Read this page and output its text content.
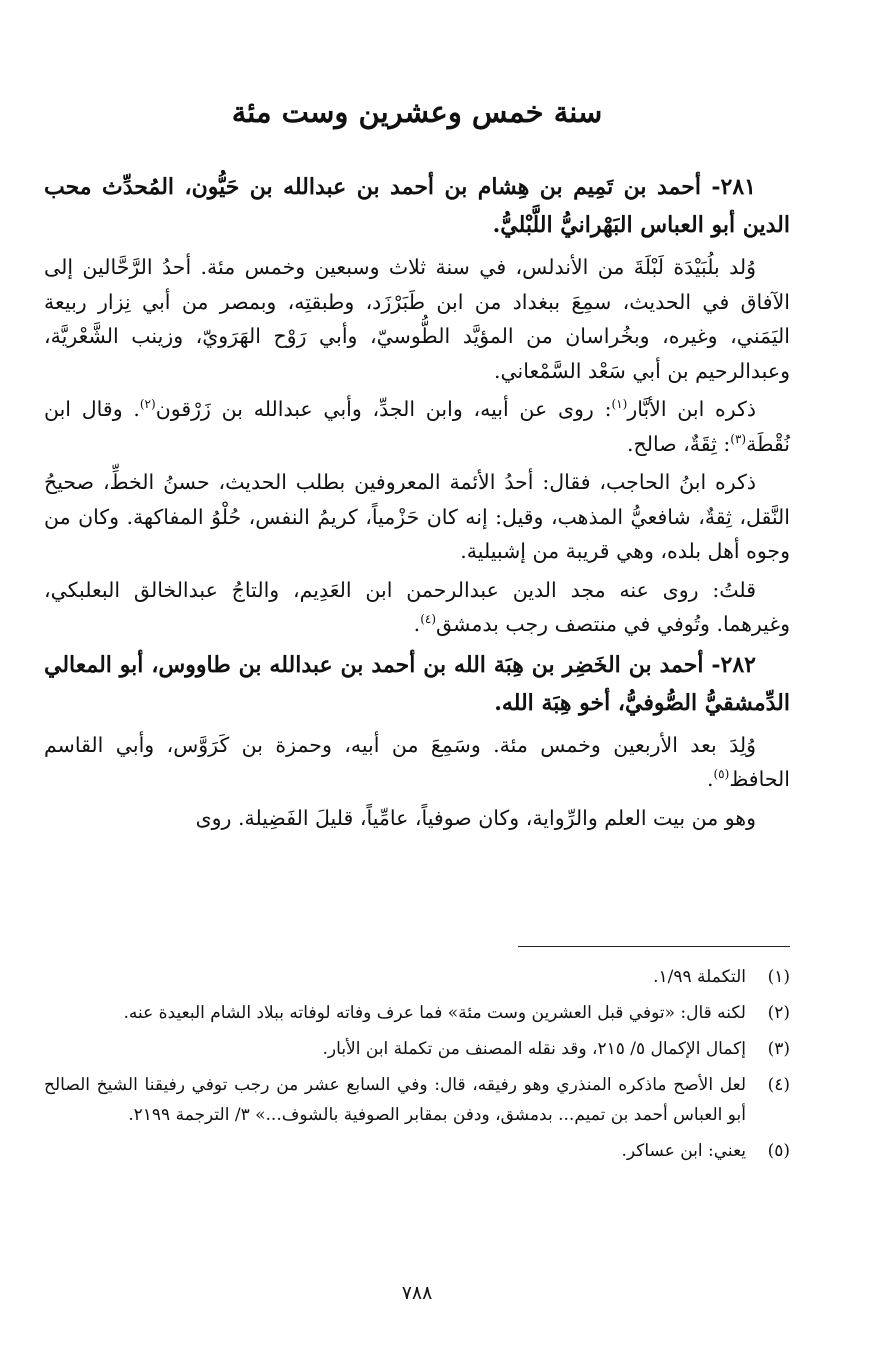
سنة خمس وعشرين وست مئة

٢٨١- أحمد بن تَمِيم بن هِشام بن أحمد بن عبدالله بن حَيُّون، المُحدِّث محب الدين أبو العباس البَهْرانيُّ اللَّبْليُّ.

وُلد بلُبَيْدَة لَبْلَةَ من الأندلس، في سنة ثلاث وسبعين وخمس مئة. أحدُ الرَّحَّالين إلى الآفاق في الحديث، سمِعَ ببغداد من ابن طَبَرْزَد، وطبقتِه، وبمصر من أبي نِزار ربيعة اليَمَني، وغيره، وبخُراسان من المؤيَّد الطُّوسيّ، وأبي رَوْح الهَرَويّ، وزينب الشَّعْريَّة، وعبدالرحيم بن أبي سَعْد السَّمْعاني.

ذكره ابن الأبَّار$^{(١)}$: روى عن أبيه، وابن الجدِّ، وأبي عبدالله بن زَرْقون$^{(٢)}$. وقال ابن نُقْطَة$^{(٣)}$: ثِقَةٌ، صالح.

ذكره ابنُ الحاجب، فقال: أحدُ الأئمة المعروفين بطلب الحديث، حسنُ الخطِّ، صحيحُ النَّقل، ثِقةٌ، شافعيُّ المذهب، وقيل: إنه كان حَزْمياً، كريمُ النفس، حُلْوُ المفاكهة. وكان من وجوه أهل بلده، وهي قريبة من إشبيلية.

قلتُ: روى عنه مجد الدين عبدالرحمن ابن العَدِيم، والتاجُ عبدالخالق البعلبكي، وغيرهما. وتُوفي في منتصف رجب بدمشق$^{(٤)}$.

٢٨٢- أحمد بن الخَضِر بن هِبَة الله بن أحمد بن عبدالله بن طاووس، أبو المعالي الدِّمشقيُّ الصُّوفيُّ، أخو هِبَة الله.

وُلِدَ بعد الأربعين وخمس مئة. وسَمِعَ من أبيه، وحمزة بن كَرَوَّس، وأبي القاسم الحافظ$^{(٥)}$.

وهو من بيت العلم والرِّواية، وكان صوفياً، عامِّياً، قليلَ الفَضِيلة. روى

(١)
التكملة ١/٩٩.
(٢)
لكنه قال: «توفي قبل العشرين وست مئة» فما عرف وفاته لوفاته ببلاد الشام البعيدة عنه.
(٣)
إكمال الإكمال ٥/ ٢١٥، وقد نقله المصنف من تكملة ابن الأبار.
(٤)
لعل الأصح ماذكره المنذري وهو رفيقه، قال: وفي السابع عشر من رجب توفي رفيقنا الشيخ الصالح أبو العباس أحمد بن تميم... بدمشق، ودفن بمقابر الصوفية بالشوف...» ٣/ الترجمة ٢١٩٩.
(٥)
يعني: ابن عساكر.
٧٨٨
